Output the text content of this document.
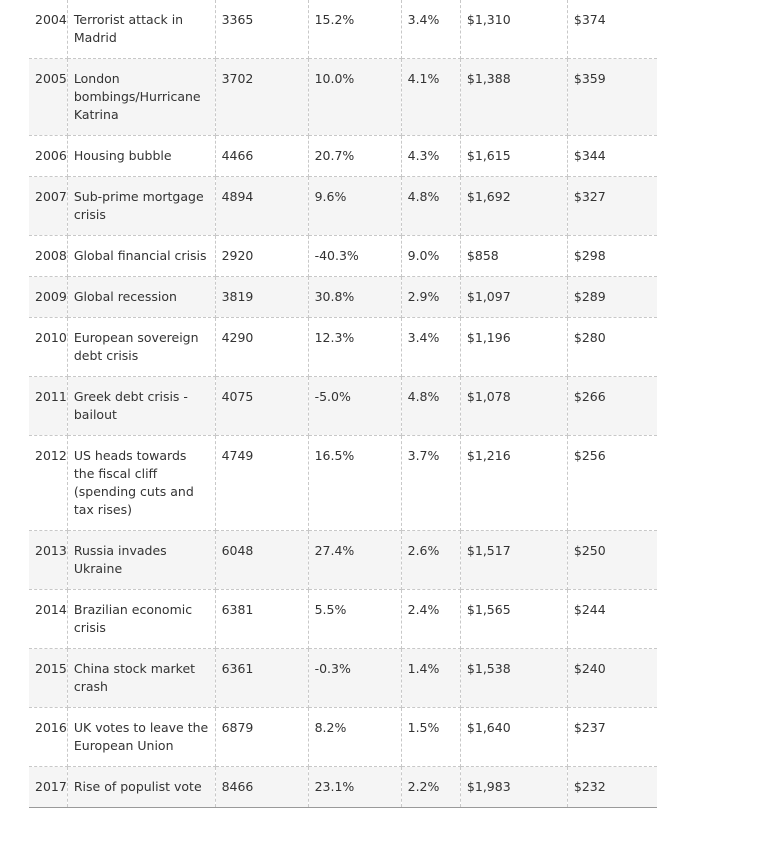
2004	Terrorist attack in Madrid	3365	15.2%	3.4%	$1,310	$374

2005	London bombings/Hurricane Katrina	3702	10.0%	4.1%	$1,388	$359

2006	Housing bubble	4466	20.7%	4.3%	$1,615	$344

2007	Sub-prime mortgage crisis	4894	9.6%	4.8%	$1,692	$327

2008	Global financial crisis	2920	-40.3%	9.0%	$858	$298

2009	Global recession	3819	30.8%	2.9%	$1,097	$289

2010	European sovereign debt crisis	4290	12.3%	3.4%	$1,196	$280

2011	Greek debt crisis - bailout	4075	-5.0%	4.8%	$1,078	$266

2012	US heads towards the fiscal cliff (spending cuts and tax rises)	4749	16.5%	3.7%	$1,216	$256

2013	Russia invades Ukraine	6048	27.4%	2.6%	$1,517	$250

2014	Brazilian economic crisis	6381	5.5%	2.4%	$1,565	$244

2015	China stock market crash	6361	-0.3%	1.4%	$1,538	$240

2016	UK votes to leave the European Union	6879	8.2%	1.5%	$1,640	$237

2017	Rise of populist vote	8466	23.1%	2.2%	$1,983	$232
